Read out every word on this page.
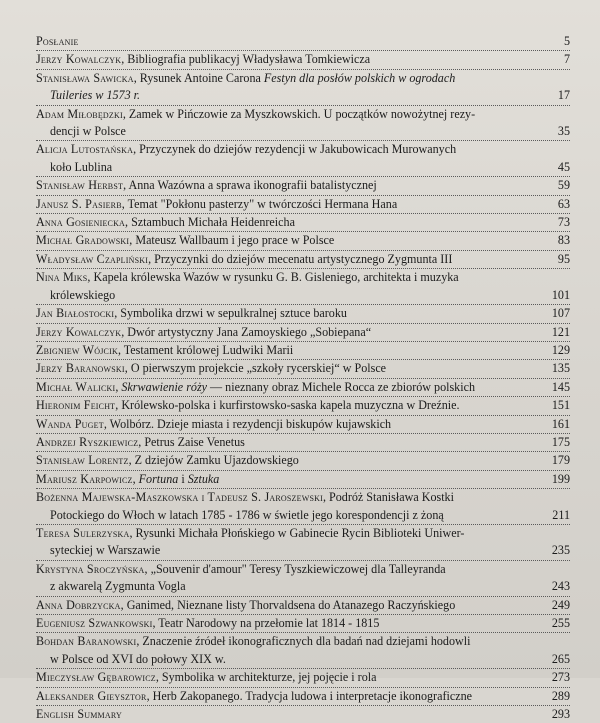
Posłanie	5
Jerzy Kowalczyk, Bibliografia publikacyj Władysława Tomkiewicza	7
Stanisława Sawicka, Rysunek Antoine Carona Festyn dla posłów polskich w ogrodach
Tuileries w 1573 r.	17
Adam Miłobędzki, Zamek w Pińczowie za Myszkowskich. U początków nowożytnej rezy-
dencji w Polsce	35
Alicja Lutostańska, Przyczynek do dziejów rezydencji w Jakubowicach Murowanych
koło Lublina	45
Stanisław Herbst, Anna Wazówna a sprawa ikonografii batalistycznej	59
Janusz S. Pasierb, Temat "Pokłonu pasterzy" w twórczości Hermana Hana	63
Anna Gosieniecka, Sztambuch Michała Heidenreicha	73
Michał Gradowski, Mateusz Wallbaum i jego prace w Polsce	83
Władysław Czapliński, Przyczynki do dziejów mecenatu artystycznego Zygmunta III	95
Nina Miks, Kapela królewska Wazów w rysunku G. B. Gisleniego, architekta i muzyka
królewskiego	101
Jan Białostocki, Symbolika drzwi w sepulkralnej sztuce baroku	107
Jerzy Kowalczyk, Dwór artystyczny Jana Zamoyskiego „Sobiepana“	121
Zbigniew Wójcik, Testament królowej Ludwiki Marii	129
Jerzy Baranowski, O pierwszym projekcie „szkoły rycerskiej“ w Polsce	135
Michał Walicki, Skrwawienie róży — nieznany obraz Michele Rocca ze zbiorów polskich	145
Hieronim Feicht, Królewsko-polska i kurfirstowsko-saska kapela muzyczna w Dreźnie.	151
Wanda Puget, Wolbórz. Dzieje miasta i rezydencji biskupów kujawskich	161
Andrzej Ryszkiewicz, Petrus Zaise Venetus	175
Stanisław Lorentz, Z dziejów Zamku Ujazdowskiego	179
Mariusz Karpowicz, Fortuna i Sztuka	199
Bożenna Majewska-Maszkowska i Tadeusz S. Jaroszewski, Podróż Stanisława Kostki
Potockiego do Włoch w latach 1785 - 1786 w świetle jego korespondencji z żoną	211
Teresa Sulerzyska, Rysunki Michała Płońskiego w Gabinecie Rycin Biblioteki Uniwer-
syteckiej w Warszawie	235
Krystyna Sroczyńska, „Souvenir d'amour" Teresy Tyszkiewiczowej dla Talleyranda
z akwarelą Zygmunta Vogla	243
Anna Dobrzycka, Ganimed, Nieznane listy Thorvaldsena do Atanazego Raczyńskiego	249
Eugeniusz Szwankowski, Teatr Narodowy na przełomie lat 1814 - 1815	255
Bohdan Baranowski, Znaczenie źródeł ikonograficznych dla badań nad dziejami hodowli
w Polsce od XVI do połowy XIX w.	265
Mieczysław Gębarowicz, Symbolika w architekturze, jej pojęcie i rola	273
Aleksander Gieysztor, Herb Zakopanego. Tradycja ludowa i interpretacje ikonograficzne	289
English Summary	293
